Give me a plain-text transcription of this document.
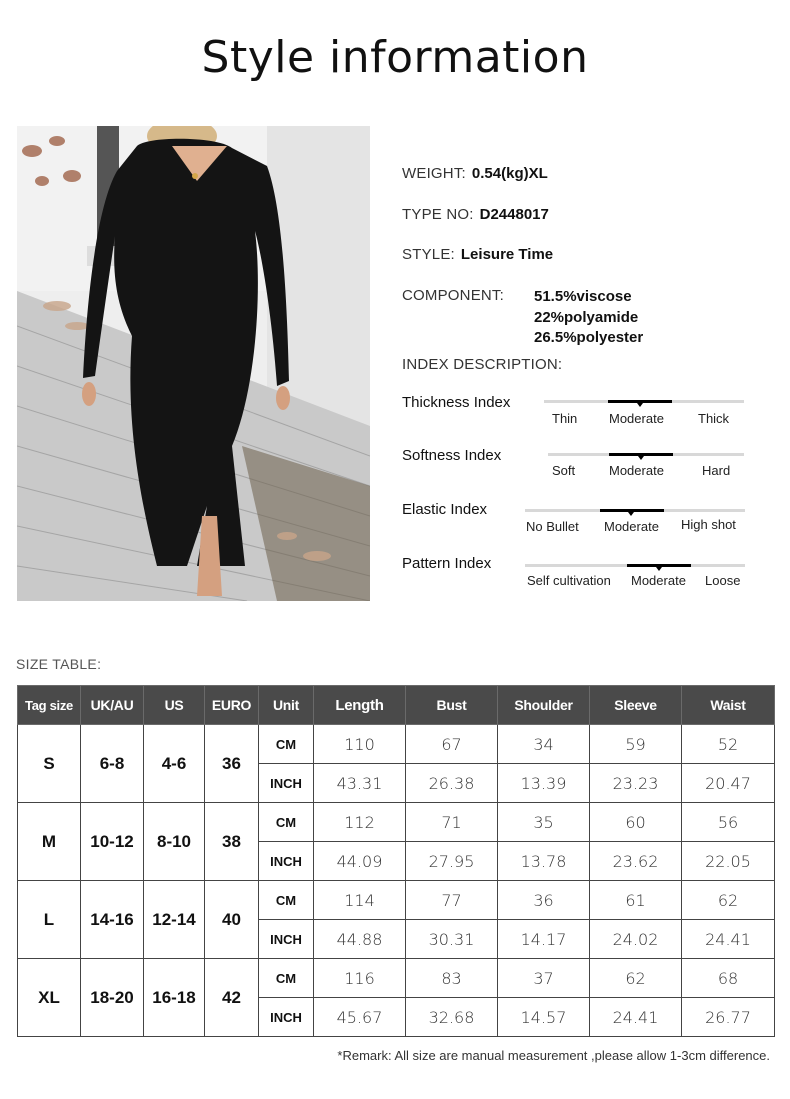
Style information
WEIGHT: 0.54(kg)XL
TYPE NO: D2448017
STYLE: Leisure Time
COMPONENT: 51.5%viscose
22%polyamide
26.5%polyester
INDEX DESCRIPTION:
Thickness Index
Thin Moderate	Thick
Softness Index
Soft	Moderate	Hard
Elastic Index
No Bullet Moderate High shot
Pattern Index
Self cultivation Moderate Loose
SIZE TABLE:
Tag size	UK/AU	US	EURO	Unit	Length	Bust	Shoulder	Sleeve	Waist
S	6-8	4-6	36	CM	110	67	34	59	52
				INCH	43.31	26.38	13.39	23.23	20.47
M	10-12	8-10	38	CM	112	71	35	60	56
				INCH	44.09	27.95	13.78	23.62	22.05
L	14-16	12-14	40	CM	114	77	36	61	62
				INCH	44.88	30.31	14.17	24.02	24.41
XL	18-20	16-18	42	CM	116	83	37	62	68
				INCH	45.67	32.68	14.57	24.41	26.77
*Remark: All size are manual measurement ,please allow 1-3cm difference.
